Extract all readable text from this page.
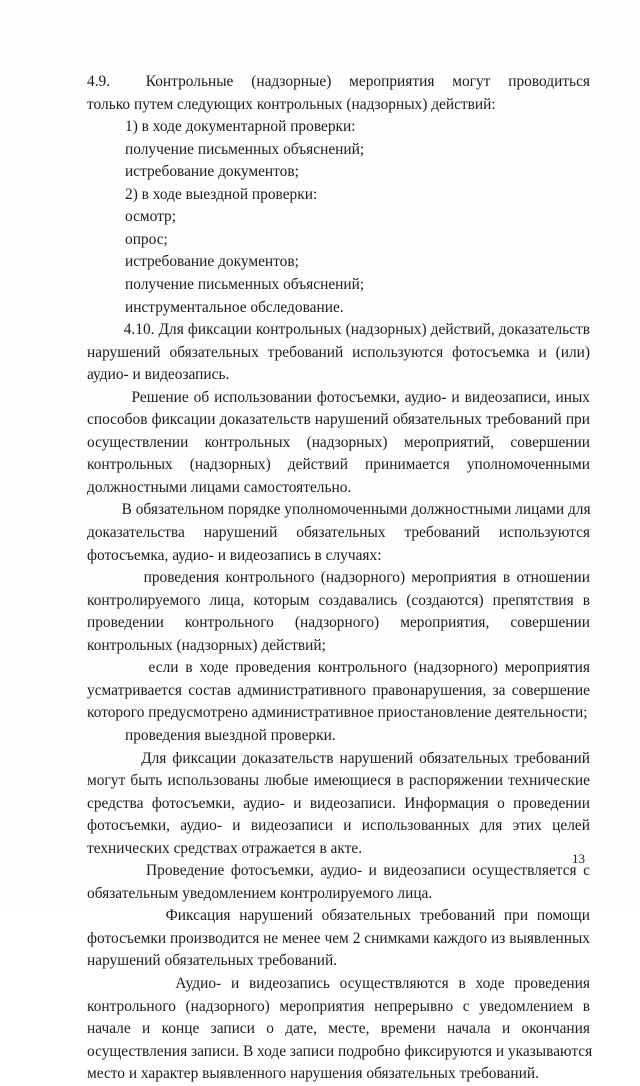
4.9.  Контрольные (надзорные) мероприятия могут проводиться
только путем следующих контрольных (надзорных) действий:
1) в ходе документарной проверки:
получение письменных объяснений;
истребование документов;
2) в ходе выездной проверки:
осмотр;
опрос;
истребование документов;
получение письменных объяснений;
инструментальное обследование.
4.10. Для фиксации контрольных (надзорных) действий, доказательств
нарушений обязательных требований используются фотосъемка и (или)
аудио- и видеозапись.
Решение об использовании фотосъемки, аудио- и видеозаписи, иных
способов фиксации доказательств нарушений обязательных требований при
осуществлении контрольных (надзорных) мероприятий, совершении
контрольных (надзорных) действий принимается уполномоченными
должностными лицами самостоятельно.
В обязательном порядке уполномоченными должностными лицами для
доказательства нарушений обязательных требований используются
фотосъемка, аудио- и видеозапись в случаях:
проведения контрольного (надзорного) мероприятия в отношении
контролируемого лица, которым создавались (создаются) препятствия в
проведении контрольного (надзорного) мероприятия, совершении
контрольных (надзорных) действий;
если в ходе проведения контрольного (надзорного) мероприятия
усматривается состав административного правонарушения, за совершение
которого предусмотрено административное приостановление деятельности;
проведения выездной проверки.
Для фиксации доказательств нарушений обязательных требований
могут быть использованы любые имеющиеся в распоряжении технические
средства фотосъемки, аудио- и видеозаписи. Информация о проведении
фотосъемки, аудио- и видеозаписи и использованных для этих целей
технических средствах отражается в акте.
Проведение фотосъемки, аудио- и видеозаписи осуществляется с
обязательным уведомлением контролируемого лица.
Фиксация нарушений обязательных требований при помощи
фотосъемки производится не менее чем 2 снимками каждого из выявленных
нарушений обязательных требований.
Аудио- и видеозапись осуществляются в ходе проведения
контрольного (надзорного) мероприятия непрерывно с уведомлением в
начале и конце записи о дате, месте, времени начала и окончания
осуществления записи. В ходе записи подробно фиксируются и указываются
место и характер выявленного нарушения обязательных требований.
13
